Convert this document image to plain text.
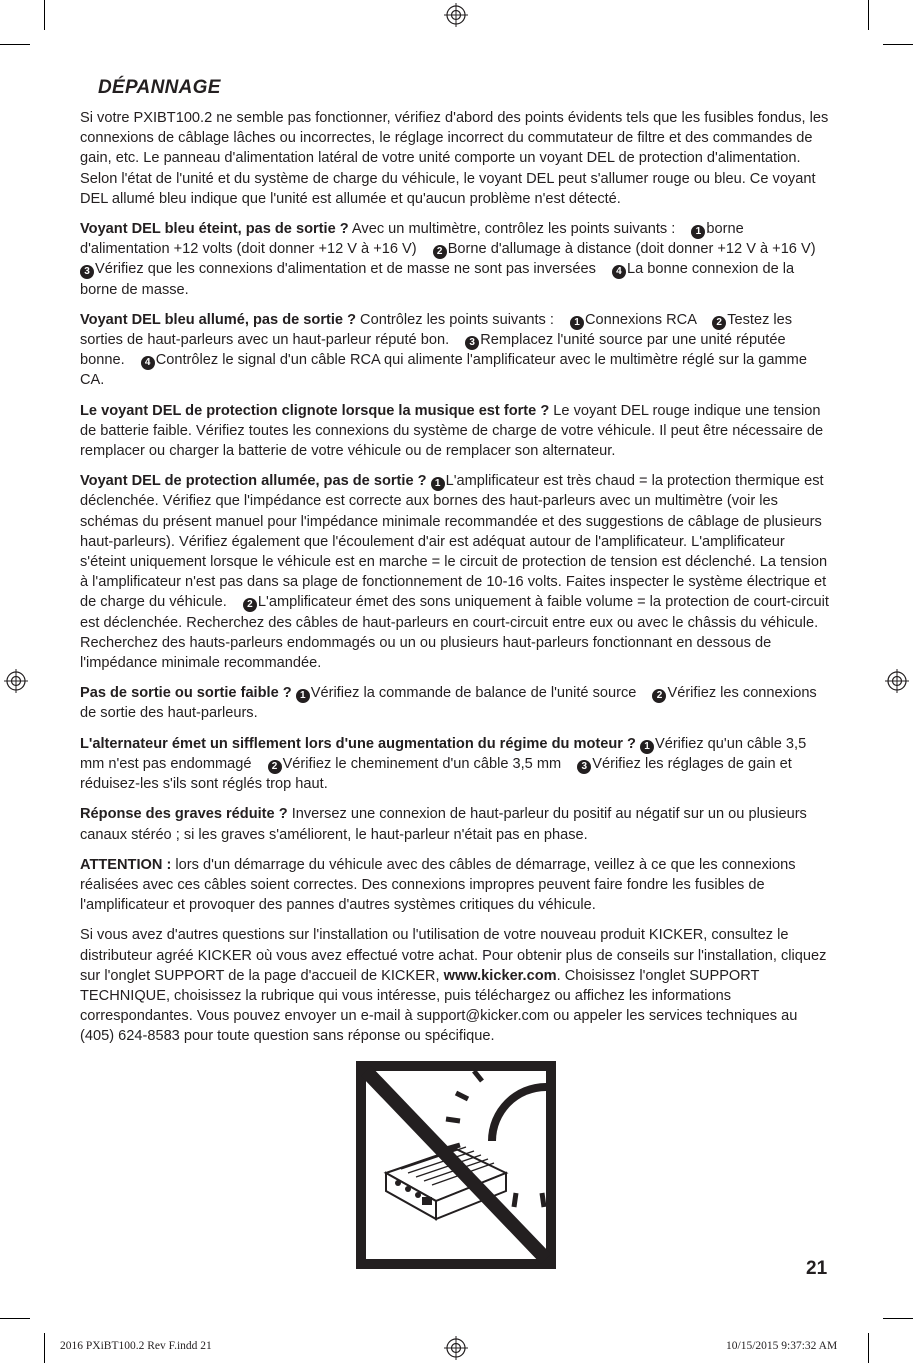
DÉPANNAGE

Si votre PXIBT100.2 ne semble pas fonctionner, vérifiez d'abord des points évidents tels que les fusibles fondus, les connexions de câblage lâches ou incorrectes, le réglage incorrect du commutateur de filtre et des commandes de gain, etc. Le panneau d'alimentation latéral de votre unité comporte un voyant DEL de protection d'alimentation. Selon l'état de l'unité et du système de charge du véhicule, le voyant DEL peut s'allumer rouge ou bleu. Ce voyant DEL allumé bleu indique que l'unité est allumée et qu'aucun problème n'est détecté.

Voyant DEL bleu éteint, pas de sortie ? Avec un multimètre, contrôlez les points suivants : 1 borne d'alimentation +12 volts (doit donner +12 V à +16 V) 2 Borne d'allumage à distance (doit donner +12 V à +16 V) 3 Vérifiez que les connexions d'alimentation et de masse ne sont pas inversées 4 La bonne connexion de la borne de masse.

Voyant DEL bleu allumé, pas de sortie ? Contrôlez les points suivants : 1 Connexions RCA 2 Testez les sorties de haut-parleurs avec un haut-parleur réputé bon. 3 Remplacez l'unité source par une unité réputée bonne. 4 Contrôlez le signal d'un câble RCA qui alimente l'amplificateur avec le multimètre réglé sur la gamme CA.

Le voyant DEL de protection clignote lorsque la musique est forte ? Le voyant DEL rouge indique une tension de batterie faible. Vérifiez toutes les connexions du système de charge de votre véhicule. Il peut être nécessaire de remplacer ou charger la batterie de votre véhicule ou de remplacer son alternateur.

Voyant DEL de protection allumée, pas de sortie ? 1 L'amplificateur est très chaud = la protection thermique est déclenchée. Vérifiez que l'impédance est correcte aux bornes des haut-parleurs avec un multimètre (voir les schémas du présent manuel pour l'impédance minimale recommandée et des suggestions de câblage de plusieurs haut-parleurs). Vérifiez également que l'écoulement d'air est adéquat autour de l'amplificateur. L'amplificateur s'éteint uniquement lorsque le véhicule est en marche = le circuit de protection de tension est déclenché. La tension à l'amplificateur n'est pas dans sa plage de fonctionnement de 10-16 volts. Faites inspecter le système électrique et de charge du véhicule. 2 L'amplificateur émet des sons uniquement à faible volume = la protection de court-circuit est déclenchée. Recherchez des câbles de haut-parleurs en court-circuit entre eux ou avec le châssis du véhicule. Recherchez des hauts-parleurs endommagés ou un ou plusieurs haut-parleurs fonctionnant en dessous de l'impédance minimale recommandée.

Pas de sortie ou sortie faible ? 1 Vérifiez la commande de balance de l'unité source 2 Vérifiez les connexions de sortie des haut-parleurs.

L'alternateur émet un sifflement lors d'une augmentation du régime du moteur ? 1 Vérifiez qu'un câble 3,5 mm n'est pas endommagé 2 Vérifiez le cheminement d'un câble 3,5 mm 3 Vérifiez les réglages de gain et réduisez-les s'ils sont réglés trop haut.

Réponse des graves réduite ? Inversez une connexion de haut-parleur du positif au négatif sur un ou plusieurs canaux stéréo ; si les graves s'améliorent, le haut-parleur n'était pas en phase.

ATTENTION : lors d'un démarrage du véhicule avec des câbles de démarrage, veillez à ce que les connexions réalisées avec ces câbles soient correctes. Des connexions impropres peuvent faire fondre les fusibles de l'amplificateur et provoquer des pannes d'autres systèmes critiques du véhicule.

Si vous avez d'autres questions sur l'installation ou l'utilisation de votre nouveau produit KICKER, consultez le distributeur agréé KICKER où vous avez effectué votre achat. Pour obtenir plus de conseils sur l'installation, cliquez sur l'onglet SUPPORT de la page d'accueil de KICKER, www.kicker.com. Choisissez l'onglet SUPPORT TECHNIQUE, choisissez la rubrique qui vous intéresse, puis téléchargez ou affichez les informations correspondantes. Vous pouvez envoyer un e-mail à support@kicker.com ou appeler les services techniques au (405) 624-8583 pour toute question sans réponse ou spécifique.

21
2016 PXiBT100.2 Rev F.indd 21	10/15/2015 9:37:32 AM
